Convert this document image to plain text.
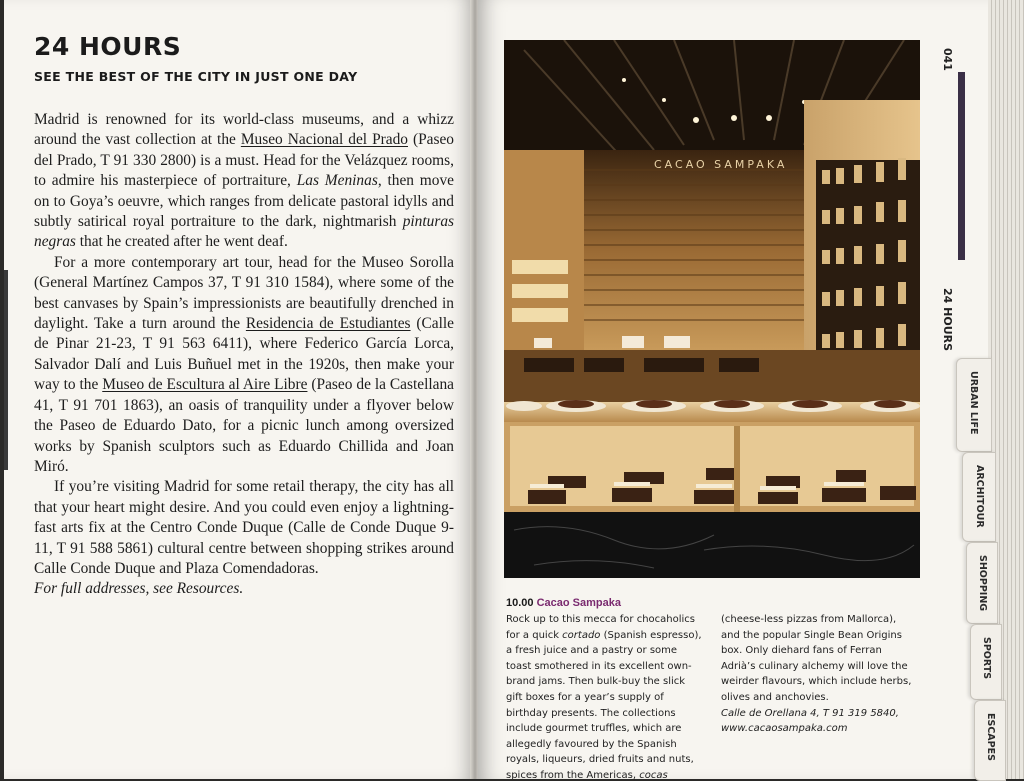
24 HOURS
SEE THE BEST OF THE CITY IN JUST ONE DAY

Madrid is renowned for its world-class museums, and a whizz around the vast collection at the Museo Nacional del Prado (Paseo del Prado, T 91 330 2800) is a must. Head for the Velázquez rooms, to admire his masterpiece of portraiture, Las Meninas, then move on to Goya’s oeuvre, which ranges from delicate pastoral idylls and subtly satirical royal portraiture to the dark, nightmarish pinturas negras that he created after he went deaf.

For a more contemporary art tour, head for the Museo Sorolla (General Martínez Campos 37, T 91 310 1584), where some of the best canvases by Spain’s impressionists are beautifully drenched in daylight. Take a turn around the Residencia de Estudiantes (Calle de Pinar 21-23, T 91 563 6411), where Federico García Lorca, Salvador Dalí and Luis Buñuel met in the 1920s, then make your way to the Museo de Escultura al Aire Libre (Paseo de la Castellana 41, T 91 701 1863), an oasis of tranquility under a flyover below the Paseo de Eduardo Dato, for a picnic lunch among oversized works by Spanish sculptors such as Eduardo Chillida and Joan Miró.

If you’re visiting Madrid for some retail therapy, the city has all that your heart might desire. And you could even enjoy a lightning-fast arts fix at the Centro Conde Duque (Calle de Conde Duque 9-11, T 91 588 5861) cultural centre between shopping strikes around Calle Conde Duque and Plaza Comendadoras.

For full addresses, see Resources.

CACAO SAMPAKA
10.00 Cacao Sampaka
Rock up to this mecca for chocaholics for a quick cortado (Spanish espresso), a fresh juice and a pastry or some toast smothered in its excellent own-brand jams. Then bulk-buy the slick gift boxes for a year’s supply of birthday presents. The collections include gourmet truffles, which are allegedly favoured by the Spanish royals, liqueurs, dried fruits and nuts, spices from the Americas, cocas
(cheese-less pizzas from Mallorca), and the popular Single Bean Origins box. Only diehard fans of Ferran Adrià’s culinary alchemy will love the weirder flavours, which include herbs, olives and anchovies.
Calle de Orellana 4, T 91 319 5840,
www.cacaosampaka.com
041
24 HOURS
URBAN LIFE
ARCHITOUR
SHOPPING
SPORTS
ESCAPES
